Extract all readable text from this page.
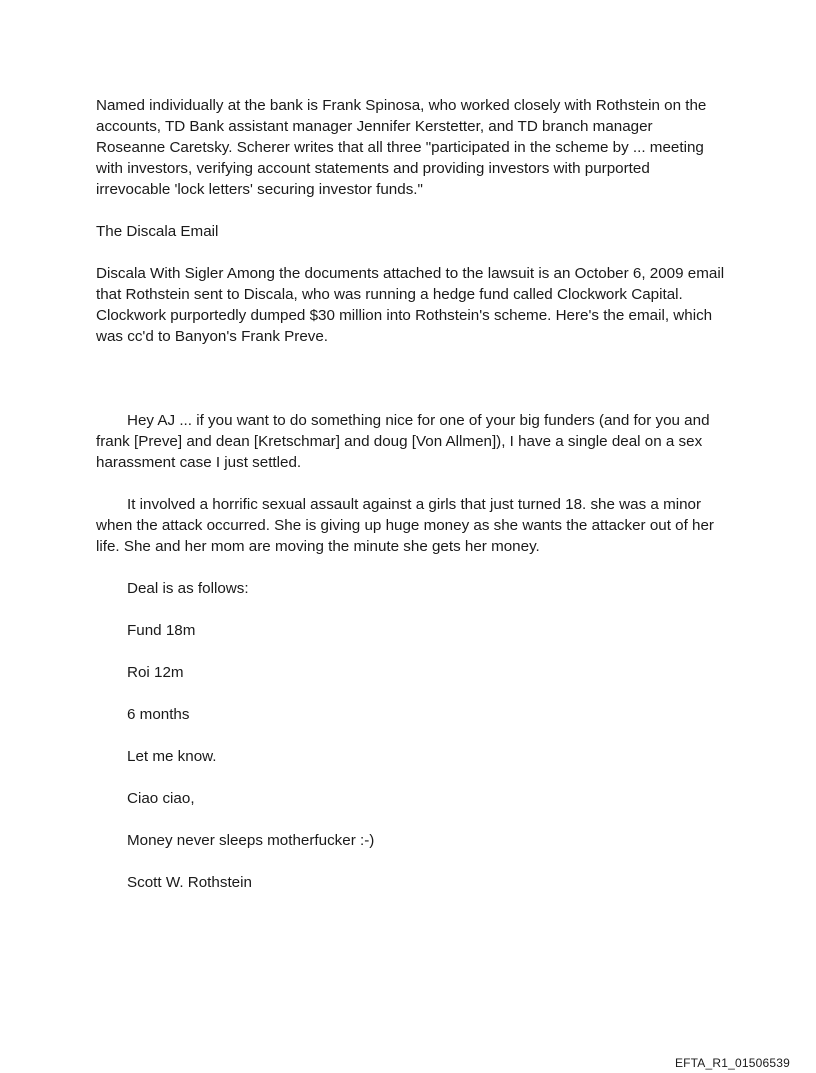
Named individually at the bank is Frank Spinosa, who worked closely with Rothstein on the accounts, TD Bank assistant manager Jennifer Kerstetter, and TD branch manager Roseanne Caretsky. Scherer writes that all three "participated in the scheme by ... meeting with investors, verifying account statements and providing investors with purported irrevocable 'lock letters' securing investor funds."

The Discala Email

Discala With Sigler Among the documents attached to the lawsuit is an October 6, 2009 email that Rothstein sent to Discala, who was running a hedge fund called Clockwork Capital. Clockwork purportedly dumped $30 million into Rothstein's scheme. Here's the email, which was cc'd to Banyon's Frank Preve.

Hey AJ ... if you want to do something nice for one of your big funders (and for you and frank [Preve] and dean [Kretschmar] and doug [Von Allmen]), I have a single deal on a sex harassment case I just settled.

It involved a horrific sexual assault against a girls that just turned 18. she was a minor when the attack occurred. She is giving up huge money as she wants the attacker out of her life. She and her mom are moving the minute she gets her money.

Deal is as follows:

Fund 18m

Roi 12m

6 months

Let me know.

Ciao ciao,

Money never sleeps motherfucker :-)

Scott W. Rothstein

EFTA_R1_01506539
